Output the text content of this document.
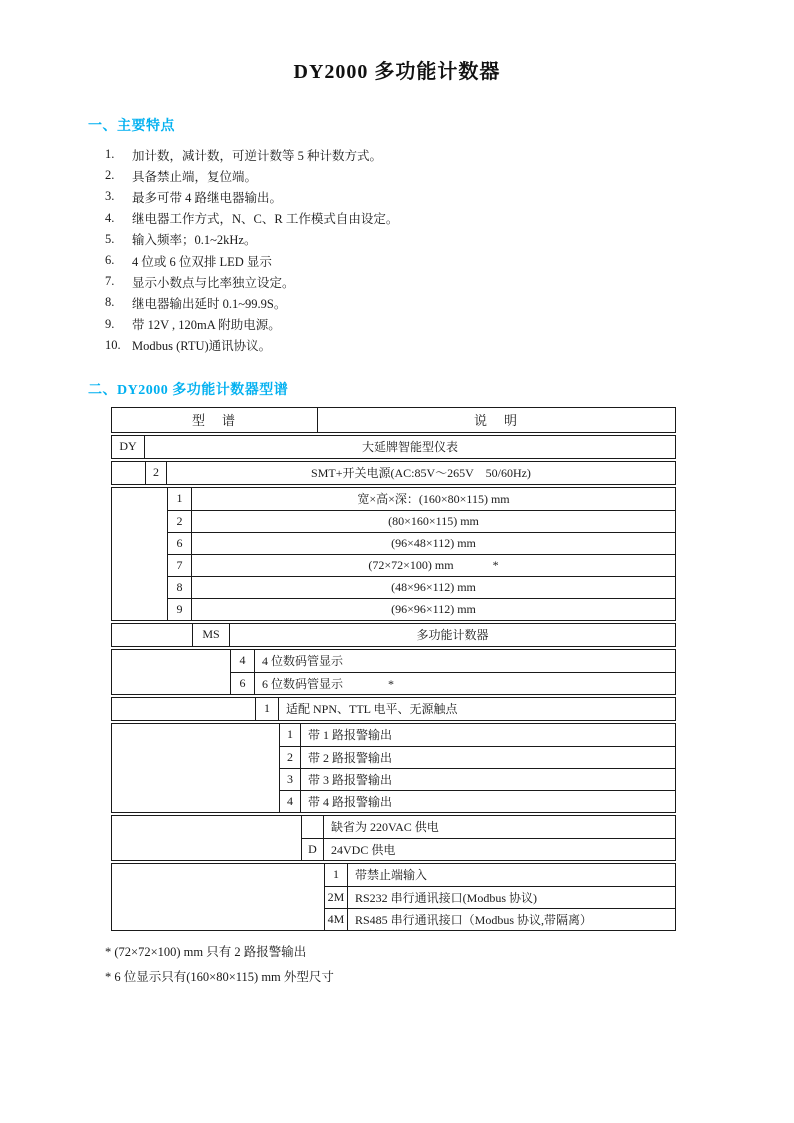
DY2000 多功能计数器
一、主要特点
1.	加计数，减计数，可逆计数等 5 种计数方式。
2.	具备禁止端，复位端。
3.	最多可带 4 路继电器输出。
4.	继电器工作方式，N、C、R 工作模式自由设定。
5.	输入频率；0.1~2kHz。
6.	4 位或 6 位双排 LED 显示
7.	显示小数点与比率独立设定。
8.	继电器输出延时 0.1~99.9S。
9.	带 12V , 120mA 附助电源。
10. Modbus (RTU)通讯协议。
二、DY2000 多功能计数器型谱
型　谱	说　明
DY	大延牌智能型仪表
2	SMT+开关电源(AC:85V～265V　50/60Hz)
1	宽×高×深：(160×80×115) mm
2	(80×160×115) mm
6	(96×48×112) mm
7	(72×72×100) mm             *
8	(48×96×112) mm
9	(96×96×112) mm
MS	多功能计数器
4	4 位数码管显示
6	6 位数码管显示               *
1	适配 NPN、TTL 电平、无源触点
1	带 1 路报警输出
2	带 2 路报警输出
3	带 3 路报警输出
4	带 4 路报警输出
缺省为 220VAC 供电
D	24VDC 供电
1	带禁止端输入
2M RS232 串行通讯接口(Modbus 协议)
4M RS485 串行通讯接口（Modbus 协议,带隔离）
* (72×72×100) mm 只有 2 路报警输出
* 6 位显示只有(160×80×115) mm 外型尺寸
